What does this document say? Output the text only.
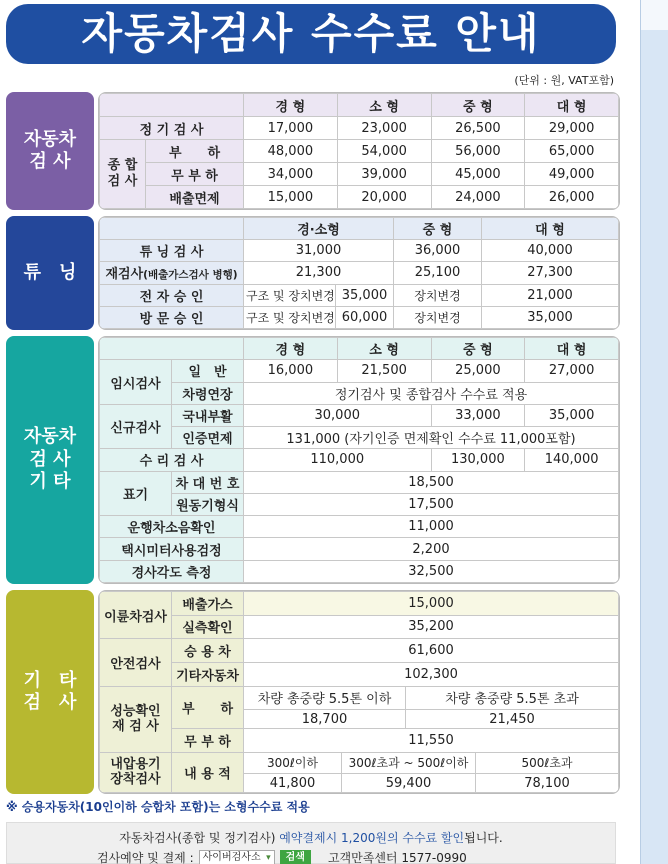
자동차검사 수수료 안내
(단위 : 원, VAT포함)
자동차
검 사
		경 형	소 형	중 형	대 형
정 기 검 사		17,000	23,000	26,500	29,000
종 합
검 사	부　　하	48,000	54,000	56,000	65,000
	무 부 하	34,000	39,000	45,000	49,000
	배출면제	15,000	20,000	24,000	26,000
튜　닝
	경·소형		중 형	대 형
튜 닝 검 사	31,000		36,000	40,000
재검사(배출가스검사 병행)	21,300		25,100	27,300
전 자 승 인	구조 및 장치변경	35,000	장치변경	21,000
방 문 승 인	구조 및 장치변경	60,000	장치변경	35,000
자동차
검 사
기 타
		경 형	소 형	중 형	대 형
임시검사	일　반	16,000	21,500	25,000	27,000
	차령연장	정기검사 및 종합검사 수수료 적용			
신규검사	국내부활	30,000		33,000	35,000
	인증면제	131,000 (자기인증 면제확인 수수료 11,000포함)			
수 리 검 사		110,000		130,000	140,000
표기	차 대 번 호	18,500			
	원동기형식	17,500			
운행차소음확인		11,000			
택시미터사용검정		2,200			
경사각도 측정		32,500			
기　타
검　사
이륜차검사	배출가스	15,000			
	실측확인	35,200			
안전검사	승 용 차	61,600			
	기타자동차	102,300			
성능확인
재 검 사	부　　하	차량 총중량 5.5톤 이하		차량 총중량 5.5톤 초과	
		18,700		21,450	
	무 부 하	11,550			
내압용기
장착검사	내 용 적	300ℓ이하	300ℓ초과 ~ 500ℓ이하		500ℓ초과
		41,800	59,400		78,100
※ 승용자동차(10인이하 승합차 포함)는 소형수수료 적용
자동차검사(종합 및 정기검사) 예약결제시 1,200원의 수수료 할인됩니다.
검사예약 및 결제 : 사이버검사소 ▾	검색	고객만족센터 1577-0990
